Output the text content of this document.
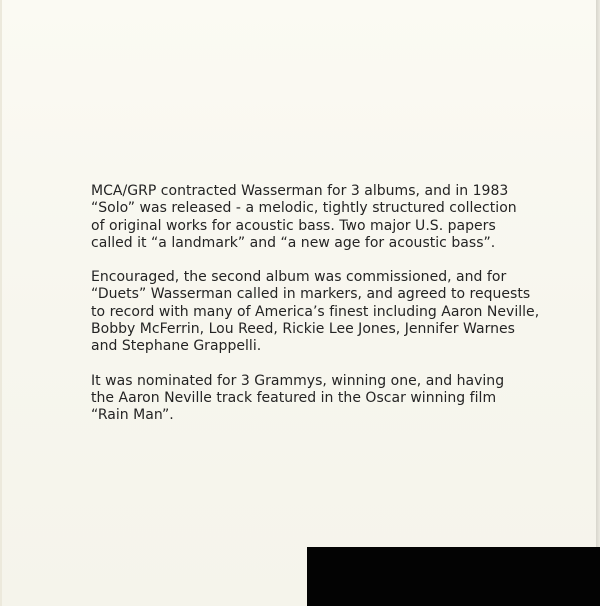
MCA/GRP contracted Wasserman for 3 albums, and in 1983
“Solo” was released - a melodic, tightly structured collection
of original works for acoustic bass. Two major U.S. papers
called it “a landmark” and “a new age for acoustic bass”.

Encouraged, the second album was commissioned, and for
“Duets” Wasserman called in markers, and agreed to requests
to record with many of America’s finest including Aaron Neville,
Bobby McFerrin, Lou Reed, Rickie Lee Jones, Jennifer Warnes
and Stephane Grappelli.

It was nominated for 3 Grammys, winning one, and having
the Aaron Neville track featured in the Oscar winning film
“Rain Man”.
